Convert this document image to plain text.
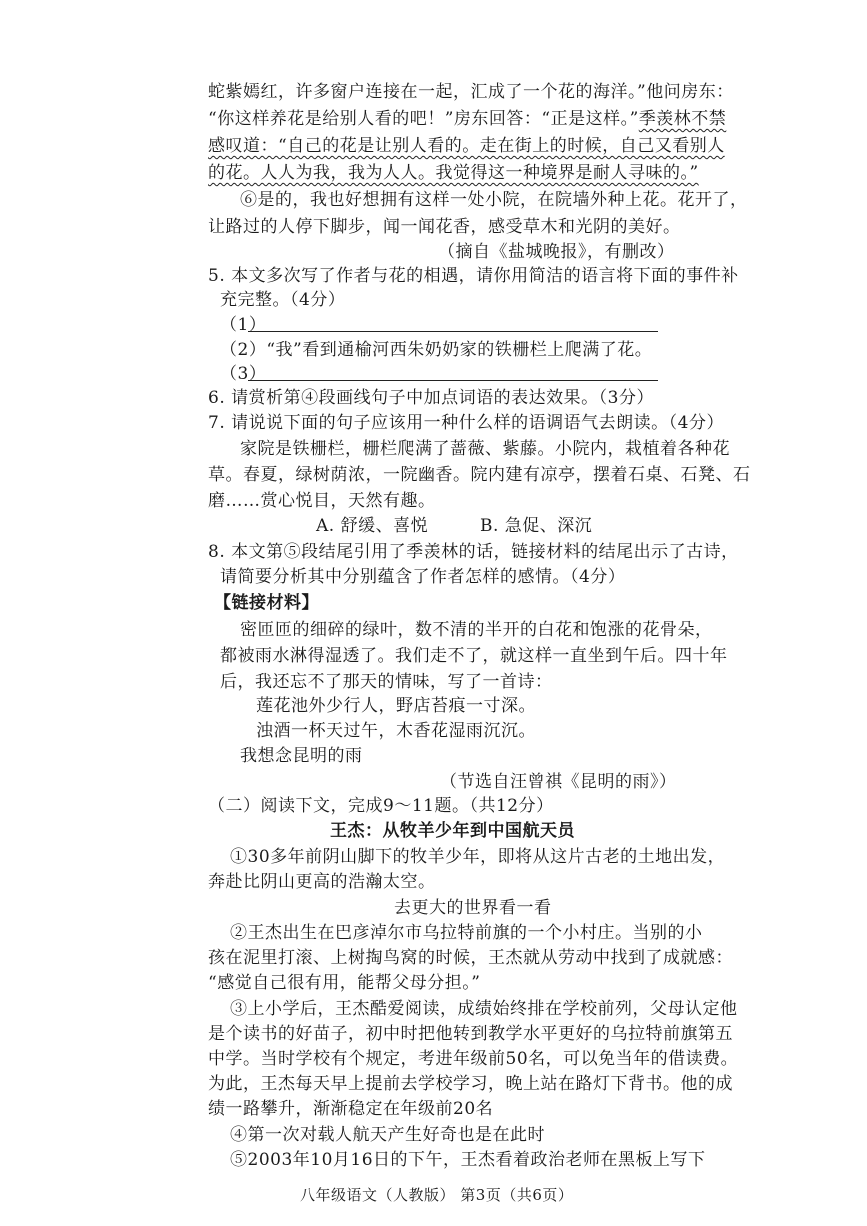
蛇紫嫣红，许多窗户连接在一起，汇成了一个花的海洋。”他问房东：
“你这样养花是给别人看的吧！”房东回答：“正是这样。”季羡林不禁
感叹道：“自己的花是让别人看的。走在街上的时候，自己又看别人
的花。人人为我，我为人人。我觉得这一种境界是耐人寻味的。”
⑥是的，我也好想拥有这样一处小院，在院墙外种上花。花开了，
让路过的人停下脚步，闻一闻花香，感受草木和光阴的美好。
（摘自《盐城晚报》，有删改）
5. 本文多次写了作者与花的相遇，请你用简洁的语言将下面的事件补
充完整。（4分）
（1）
（2）“我”看到通榆河西朱奶奶家的铁栅栏上爬满了花。
（3）
6. 请赏析第④段画线句子中加点词语的表达效果。（3分）
7. 请说说下面的句子应该用一种什么样的语调语气去朗读。（4分）
家院是铁栅栏，栅栏爬满了蔷薇、紫藤。小院内，栽植着各种花
草。春夏，绿树荫浓，一院幽香。院内建有凉亭，摆着石桌、石凳、石
磨……赏心悦目，天然有趣。
A. 舒缓、喜悦	B. 急促、深沉
8. 本文第⑤段结尾引用了季羡林的话，链接材料的结尾出示了古诗，
请简要分析其中分别蕴含了作者怎样的感情。（4分）
【链接材料】
密匝匝的细碎的绿叶，数不清的半开的白花和饱涨的花骨朵，
都被雨水淋得湿透了。我们走不了，就这样一直坐到午后。四十年
后，我还忘不了那天的情味，写了一首诗：
莲花池外少行人，野店苔痕一寸深。
浊酒一杯天过午，木香花湿雨沉沉。
我想念昆明的雨
（节选自汪曾祺《昆明的雨》）
（二）阅读下文，完成9～11题。（共12分）
王杰：从牧羊少年到中国航天员
①30多年前阴山脚下的牧羊少年，即将从这片古老的土地出发，
奔赴比阴山更高的浩瀚太空。
去更大的世界看一看
②王杰出生在巴彦淖尔市乌拉特前旗的一个小村庄。当别的小
孩在泥里打滚、上树掏鸟窝的时候，王杰就从劳动中找到了成就感：
“感觉自己很有用，能帮父母分担。”
③上小学后，王杰酷爱阅读，成绩始终排在学校前列，父母认定他
是个读书的好苗子，初中时把他转到教学水平更好的乌拉特前旗第五
中学。当时学校有个规定，考进年级前50名，可以免当年的借读费。
为此，王杰每天早上提前去学校学习，晚上站在路灯下背书。他的成
绩一路攀升，渐渐稳定在年级前20名
④第一次对载人航天产生好奇也是在此时
⑤2003年10月16日的下午，王杰看着政治老师在黑板上写下
八年级语文（人教版） 第3页（共6页）
